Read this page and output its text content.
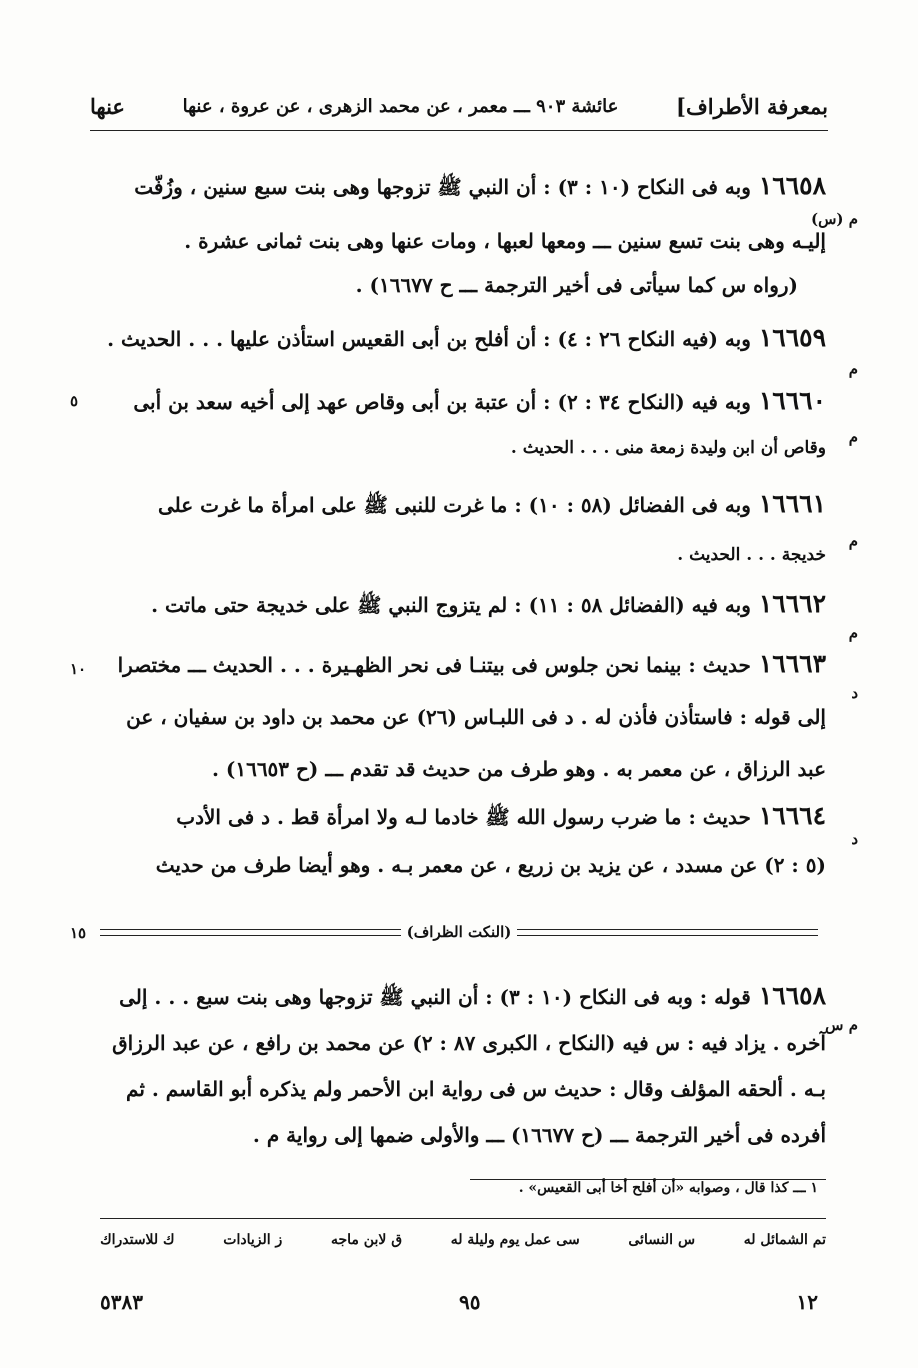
عنها	عائشة ٩٠٣ ـــ معمر ، عن محمد الزهرى ، عن عروة ، عنها	بمعرفة الأطراف]
١٦٦٥٨وبه فى النكاح (١٠ : ٣) : أن النبي ﷺ تزوجها وهى بنت سبع سنين ، وزُفّت
إليـه وهى بنت تسع سنين ـــ ومعها لعبها ، ومات عنها وهى بنت ثمانى عشرة .
(رواه س كما سيأتى فى أخير الترجمة ـــ ح ١٦٦٧٧) .
م (س)
١٦٦٥٩وبه (فيه النكاح ٢٦ : ٤) : أن أفلح بن أبى القعيس استأذن عليها . . . الحديث .
م
١٦٦٦٠وبه فيه (النكاح ٣٤ : ٢) : أن عتبة بن أبى وقاص عهد إلى أخيه سعد بن أبى
وقاص أن ابن وليدة زمعة منى . . . الحديث .
م
٥
١٦٦٦١وبه فى الفضائل (٥٨ : ١٠) : ما غرت للنبى ﷺ على امرأة ما غرت على
خديجة . . . الحديث .
م
١٦٦٦٢وبه فيه (الفضائل ٥٨ : ١١) : لم يتزوج النبي ﷺ على خديجة حتى ماتت .
م
١٦٦٦٣حديث : بينما نحن جلوس فى بيتنـا فى نحر الظهـيرة . . . الحديث ـــ مختصرا
إلى قوله : فاستأذن فأذن له . د فى اللبـاس (٢٦) عن محمد بن داود بن سفيان ، عن
عبد الرزاق ، عن معمر به . وهو طرف من حديث قد تقدم ـــ (ح ١٦٦٥٣) .
د
١٠
١٦٦٦٤حديث : ما ضرب رسول الله ﷺ خادما لـه ولا امرأة قط . د فى الأدب
(٥ : ٢) عن مسدد ، عن يزيد بن زريع ، عن معمر بـه . وهو أيضا طرف من حديث
د
(النكت الظراف)
١٥
١٦٦٥٨قوله : وبه فى النكاح (١٠ : ٣) : أن النبي ﷺ تزوجها وهى بنت سبع . . . إلى
آخره . يزاد فيه : س فيه (النكاح ، الكبرى ٨٧ : ٢) عن محمد بن رافع ، عن عبد الرزاق
بـه . ألحقه المؤلف وقال : حديث س فى رواية ابن الأحمر ولم يذكره أبو القاسم . ثم
أفرده فى أخير الترجمة ـــ (ح ١٦٦٧٧) ـــ والأولى ضمها إلى رواية م .
م س
١ ـــ كذا قال ، وصوابه «أن أفلح أخا أبى القعيس» .
تم الشمائل له
س النسائى
سى عمل يوم وليلة له
ق لابن ماجه
ز الزيادات
ك للاستدراك
٥٣٨٣	٩٥	١٢
